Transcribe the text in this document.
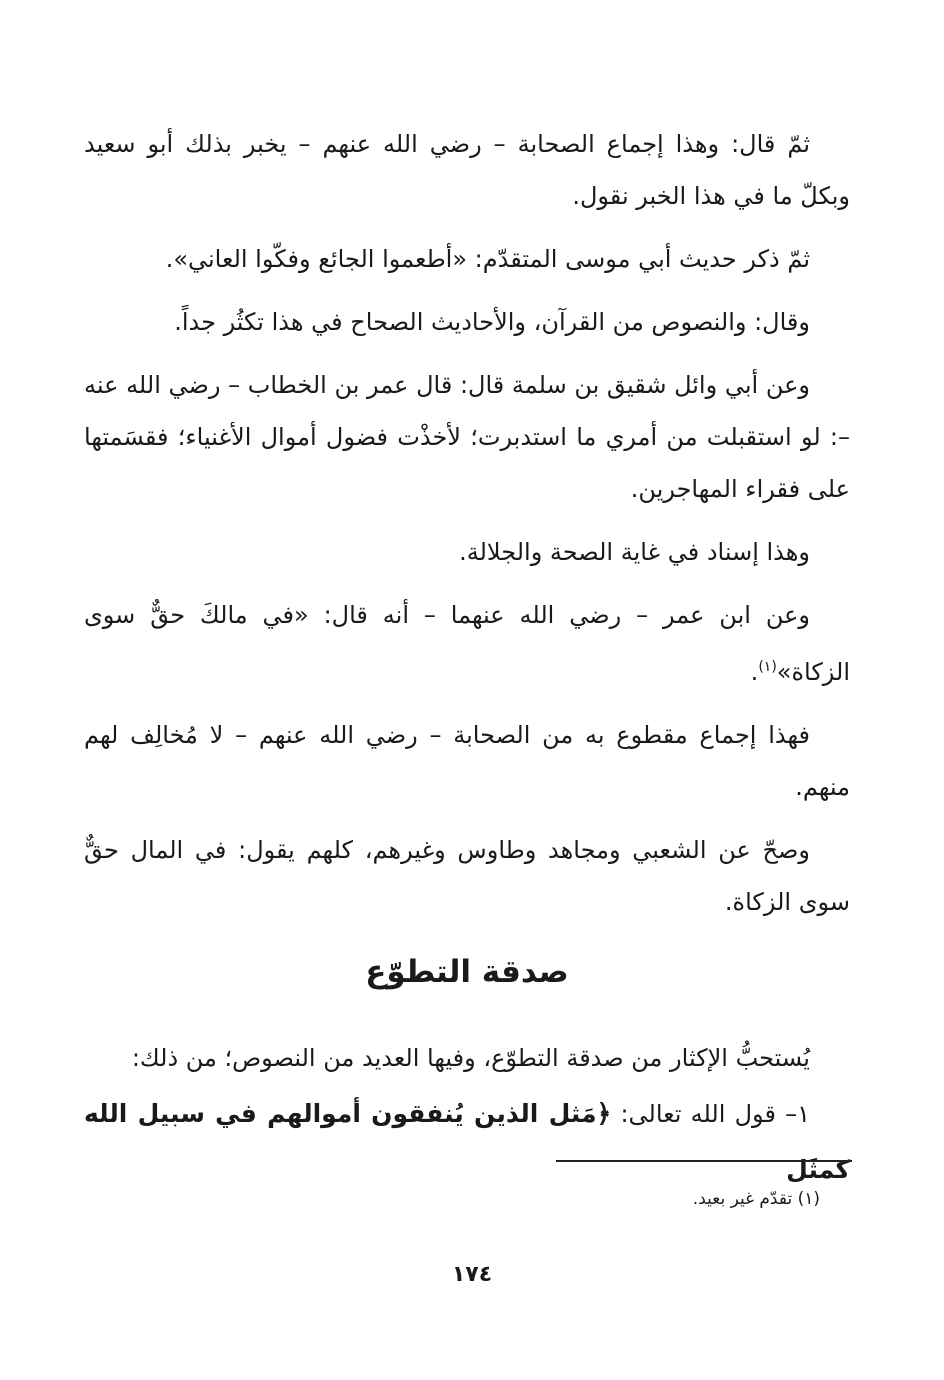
ثمّ قال: وهذا إجماع الصحابة – رضي الله عنهم – يخبر بذلك أبو سعيد وبكلّ ما في هذا الخبر نقول.

ثمّ ذكر حديث أبي موسى المتقدّم: «أطعموا الجائع وفكّوا العاني».

وقال: والنصوص من القرآن، والأحاديث الصحاح في هذا تكثُر جداً.

وعن أبي وائل شقيق بن سلمة قال: قال عمر بن الخطاب – رضي الله عنه –: لو استقبلت من أمري ما استدبرت؛ لأخذْت فضول أموال الأغنياء؛ فقسَمتها على فقراء المهاجرين.

وهذا إسناد في غاية الصحة والجلالة.

وعن ابن عمر – رضي الله عنهما – أنه قال: «في مالكَ حقٌّ سوى الزكاة»$^{(١)}$.

فهذا إجماع مقطوع به من الصحابة – رضي الله عنهم – لا مُخالِف لهم منهم.

وصحّ عن الشعبي ومجاهد وطاوس وغيرهم، كلهم يقول: في المال حقٌّ سوى الزكاة.

صدقة التطوّع

يُستحبُّ الإكثار من صدقة التطوّع، وفيها العديد من النصوص؛ من ذلك:

١– قول الله تعالى: ﴿مَثل الذين يُنفقون أموالهم في سبيل الله كمثَل

(١) تقدّم غير بعيد.
١٧٤
